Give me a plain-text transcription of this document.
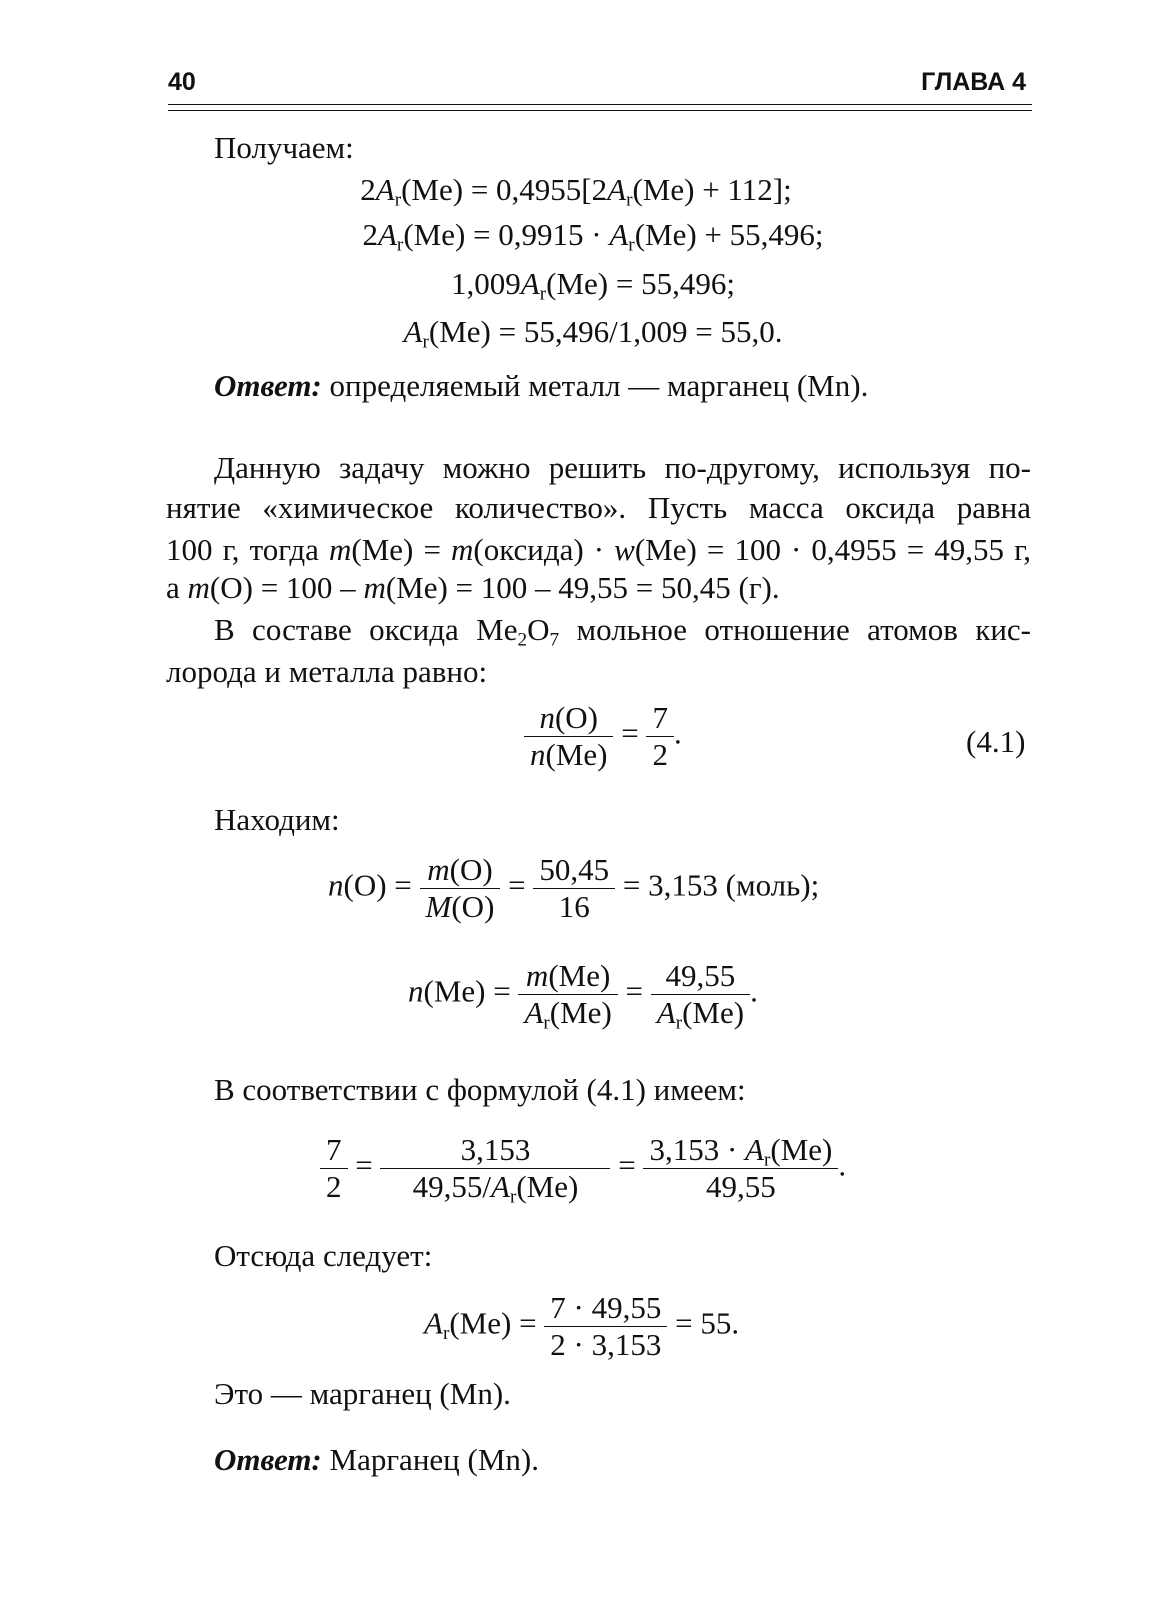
40	ГЛАВА 4
Получаем:
$2A_r(Me) = 0,4955[2A_r(Me) + 112]$;
$2A_r(Me) = 0,9915 \cdot A_r(Me) + 55,496$;
$1,009A_r(Me) = 55,496$;
$A_r(Me) = 55,496/1,009 = 55,0$.
Ответ: определяемый металл — марганец (Mn).
Данную задачу можно решить по-другому, используя по-
нятие «химическое количество». Пусть масса оксида равна
100 г, тогда m(Me) = m(оксида) · w(Me) = 100 · 0,4955 = 49,55 г,
а m(O) = 100 – m(Me) = 100 – 49,55 = 50,45 (г).
В составе оксида $Me_2O_7$ мольное отношение атомов кис-
лорода и металла равно:
$\frac{n(O)}{n(Me)} = \frac{7}{2}$ .	(4.1)
Находим:
$n(O) = \frac{m(O)}{M(O)} = \frac{50,45}{16} = 3,153$ (моль);
$n(Me) = \frac{m(Me)}{A_r(Me)} = \frac{49,55}{A_r(Me)}$ .
В соответствии с формулой (4.1) имеем:
$\frac{7}{2} = \frac{3,153}{49,55/A_r(Me)} = \frac{3,153 \cdot A_r(Me)}{49,55}$ .
Отсюда следует:
$A_r(Me) = \frac{7 \cdot 49,55}{2 \cdot 3,153} = 55$.
Это — марганец (Mn).
Ответ: Марганец (Mn).
